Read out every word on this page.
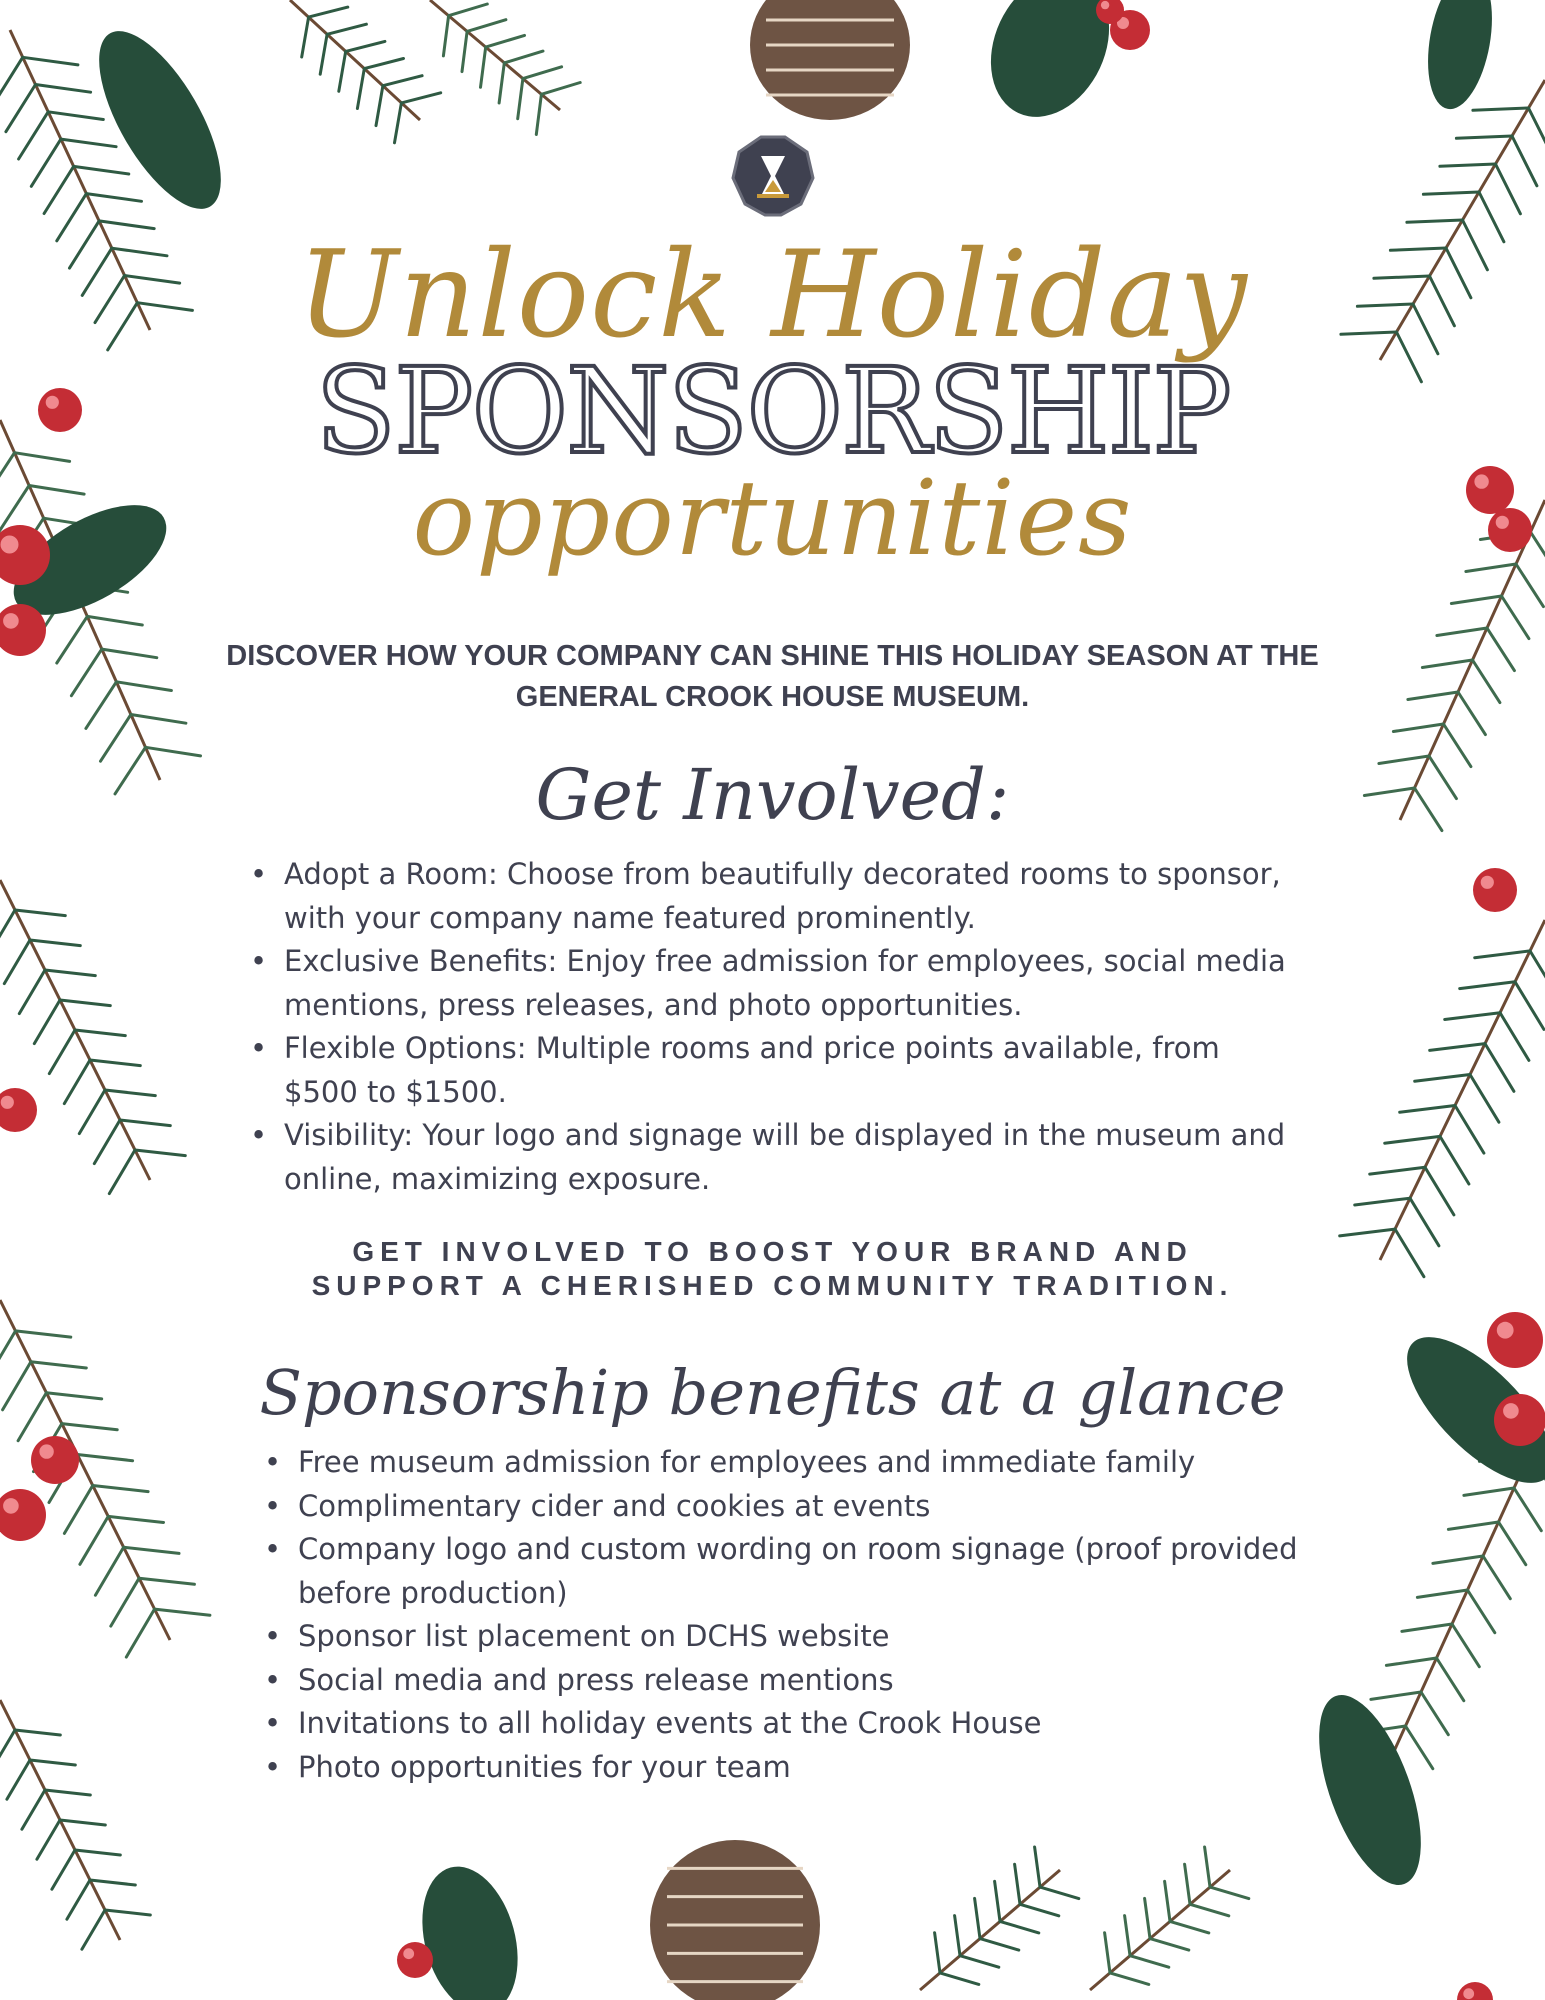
Unlock Holiday
SPONSORSHIP
opportunities
DISCOVER HOW YOUR COMPANY CAN SHINE THIS HOLIDAY SEASON AT THE GENERAL CROOK HOUSE MUSEUM.
Get Involved:
• Adopt a Room: Choose from beautifully decorated rooms to sponsor, with your company name featured prominently.
• Exclusive Benefits: Enjoy free admission for employees, social media mentions, press releases, and photo opportunities.
• Flexible Options: Multiple rooms and price points available, from $500 to $1500.
• Visibility: Your logo and signage will be displayed in the museum and online, maximizing exposure.
GET INVOLVED TO BOOST YOUR BRAND AND
SUPPORT A CHERISHED COMMUNITY TRADITION.
Sponsorship benefits at a glance
• Free museum admission for employees and immediate family
• Complimentary cider and cookies at events
• Company logo and custom wording on room signage (proof provided before production)
• Sponsor list placement on DCHS website
• Social media and press release mentions
• Invitations to all holiday events at the Crook House
• Photo opportunities for your team
